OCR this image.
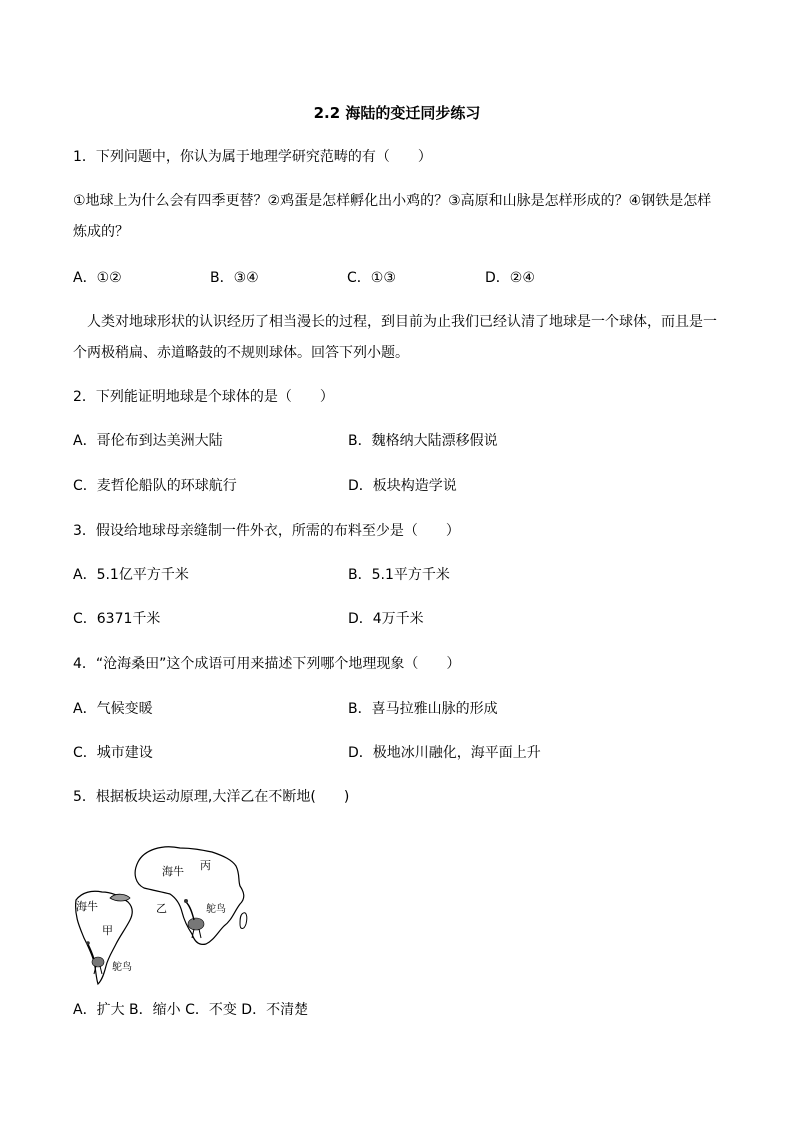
2.2 海陆的变迁同步练习
1．下列问题中，你认为属于地理学研究范畴的有（　　）
①地球上为什么会有四季更替？②鸡蛋是怎样孵化出小鸡的？③高原和山脉是怎样形成的？④钢铁是怎样
炼成的？
A．①②	B．③④	C．①③	D．②④
人类对地球形状的认识经历了相当漫长的过程，到目前为止我们已经认清了地球是一个球体，而且是一
个两极稍扁、赤道略鼓的不规则球体。回答下列小题。
2．下列能证明地球是个球体的是（　　）
A．哥伦布到达美洲大陆	B．魏格纳大陆漂移假说
C．麦哲伦船队的环球航行	D．板块构造学说
3．假设给地球母亲缝制一件外衣，所需的布料至少是（　　）
A．5.1亿平方千米	B．5.1平方千米
C．6371千米	D．4万千米
4．“沧海桑田”这个成语可用来描述下列哪个地理现象（　　）
A．气候变暖	B．喜马拉雅山脉的形成
C．城市建设	D．极地冰川融化，海平面上升
5．根据板块运动原理,大洋乙在不断地(　　)
海牛 丙
乙	鸵鸟
海牛
甲
鸵鸟
A．扩大 B．缩小 C．不变 D．不清楚
